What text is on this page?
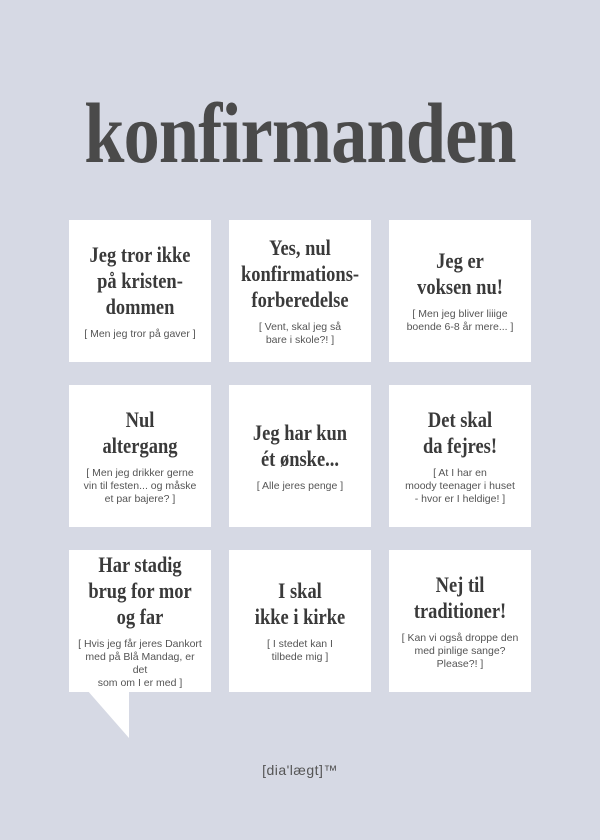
konfirmanden
Jeg tror ikke
på kristen-
dommen
[ Men jeg tror på gaver ]
Yes, nul
konfirmations-
forberedelse
[ Vent, skal jeg så
bare i skole?! ]
Jeg er
voksen nu!
[ Men jeg bliver liiige
boende 6-8 år mere... ]
Nul
altergang
[ Men jeg drikker gerne
vin til festen... og måske
et par bajere? ]
Jeg har kun
ét ønske...
[ Alle jeres penge ]
Det skal
da fejres!
[ At I har en
moody teenager i huset
- hvor er I heldige! ]
Har stadig
brug for mor
og far
[ Hvis jeg får jeres Dankort
med på Blå Mandag, er det
som om I er med ]
I skal
ikke i kirke
[ I stedet kan I
tilbede mig ]
Nej til
traditioner!
[ Kan vi også droppe den
med pinlige sange?
Please?! ]
[dia'lægt]™
